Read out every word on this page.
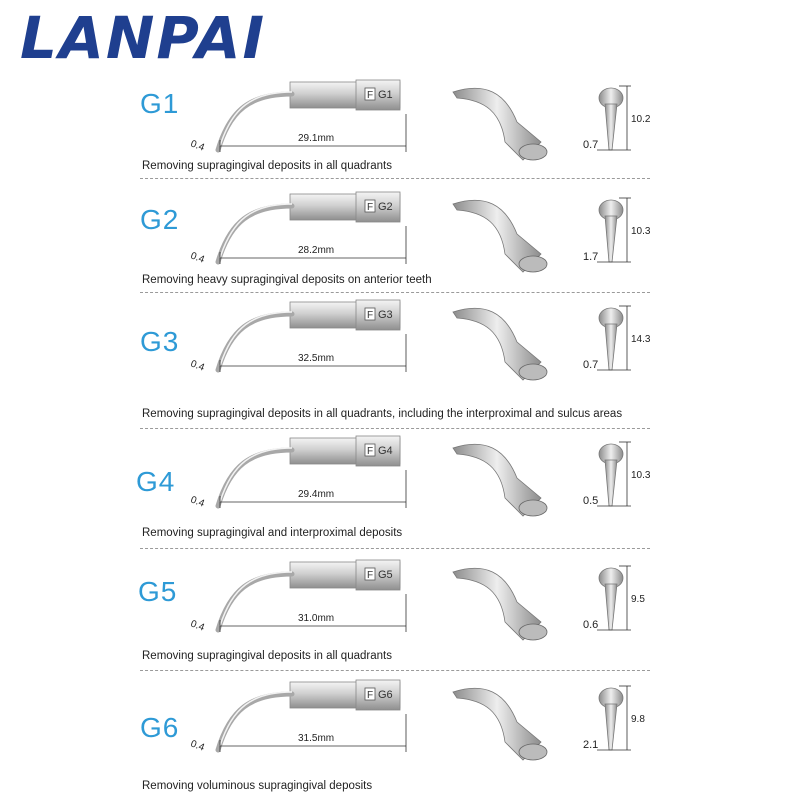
LANPAI
G1
Removing supragingival deposits in all quadrants
F G1
29.1mm
0.4
10.2
0.7
G2
Removing heavy supragingival deposits on anterior teeth
F G2
28.2mm
0.4
10.3
1.7
G3
Removing supragingival deposits in all quadrants, including the interproximal and sulcus areas
F G3
32.5mm
0.4
14.3
0.7
G4
Removing supragingival and interproximal deposits
F G4
29.4mm
0.4
10.3
0.5
G5
Removing supragingival deposits in all quadrants
F G5
31.0mm
0.4
9.5
0.6
G6
Removing voluminous supragingival deposits
F G6
31.5mm
0.4
9.8
2.1
